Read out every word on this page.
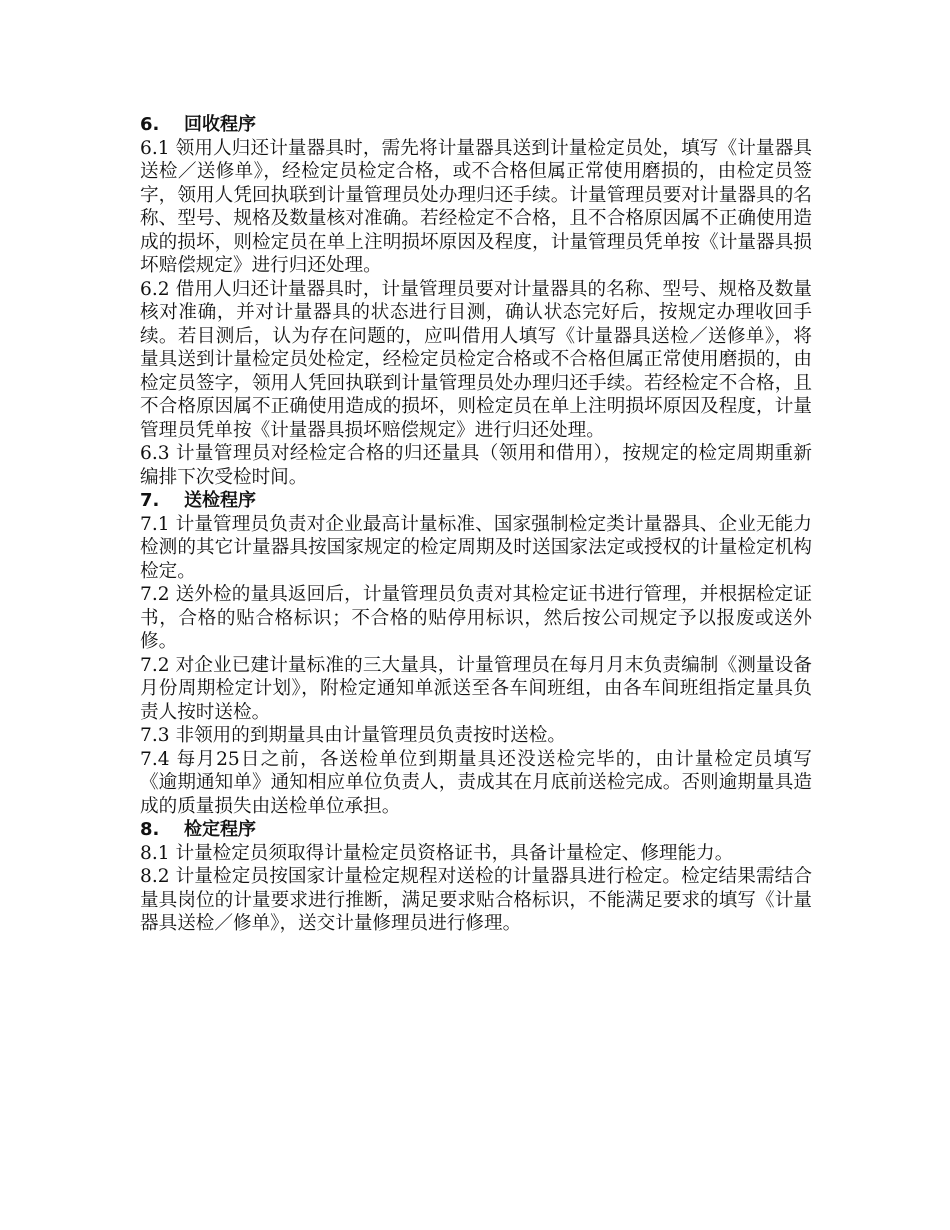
6. 回收程序

6.1 领用人归还计量器具时，需先将计量器具送到计量检定员处，填写《计量器具送检／送修单》，经检定员检定合格，或不合格但属正常使用磨损的，由检定员签字，领用人凭回执联到计量管理员处办理归还手续。计量管理员要对计量器具的名称、型号、规格及数量核对准确。若经检定不合格，且不合格原因属不正确使用造成的损坏，则检定员在单上注明损坏原因及程度，计量管理员凭单按《计量器具损坏赔偿规定》进行归还处理。

6.2 借用人归还计量器具时，计量管理员要对计量器具的名称、型号、规格及数量核对准确，并对计量器具的状态进行目测，确认状态完好后，按规定办理收回手续。若目测后，认为存在问题的，应叫借用人填写《计量器具送检／送修单》，将量具送到计量检定员处检定，经检定员检定合格或不合格但属正常使用磨损的，由检定员签字，领用人凭回执联到计量管理员处办理归还手续。若经检定不合格，且不合格原因属不正确使用造成的损坏，则检定员在单上注明损坏原因及程度，计量管理员凭单按《计量器具损坏赔偿规定》进行归还处理。

6.3 计量管理员对经检定合格的归还量具（领用和借用），按规定的检定周期重新编排下次受检时间。

7. 送检程序

7.1 计量管理员负责对企业最高计量标准、国家强制检定类计量器具、企业无能力检测的其它计量器具按国家规定的检定周期及时送国家法定或授权的计量检定机构检定。

7.2 送外检的量具返回后，计量管理员负责对其检定证书进行管理，并根据检定证书，合格的贴合格标识；不合格的贴停用标识，然后按公司规定予以报废或送外修。

7.2 对企业已建计量标准的三大量具，计量管理员在每月月末负责编制《测量设备月份周期检定计划》，附检定通知单派送至各车间班组，由各车间班组指定量具负责人按时送检。

7.3 非领用的到期量具由计量管理员负责按时送检。

7.4 每月25日之前，各送检单位到期量具还没送检完毕的，由计量检定员填写《逾期通知单》通知相应单位负责人，责成其在月底前送检完成。否则逾期量具造成的质量损失由送检单位承担。

8. 检定程序

8.1 计量检定员须取得计量检定员资格证书，具备计量检定、修理能力。

8.2 计量检定员按国家计量检定规程对送检的计量器具进行检定。检定结果需结合量具岗位的计量要求进行推断，满足要求贴合格标识，不能满足要求的填写《计量器具送检／修单》，送交计量修理员进行修理。
